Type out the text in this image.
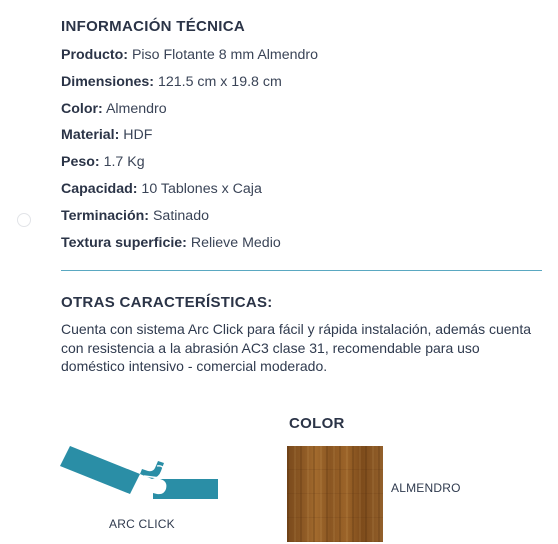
INFORMACIÓN TÉCNICA
Producto: Piso Flotante 8 mm Almendro
Dimensiones: 121.5 cm x 19.8 cm
Color: Almendro
Material: HDF
Peso: 1.7 Kg
Capacidad: 10 Tablones x Caja
Terminación: Satinado
Textura superficie: Relieve Medio
OTRAS CARACTERÍSTICAS:
Cuenta con sistema Arc Click para fácil y rápida instalación, además cuenta con resistencia a la abrasión AC3 clase 31, recomendable para uso doméstico intensivo - comercial moderado.
ARC CLICK
COLOR
ALMENDRO
